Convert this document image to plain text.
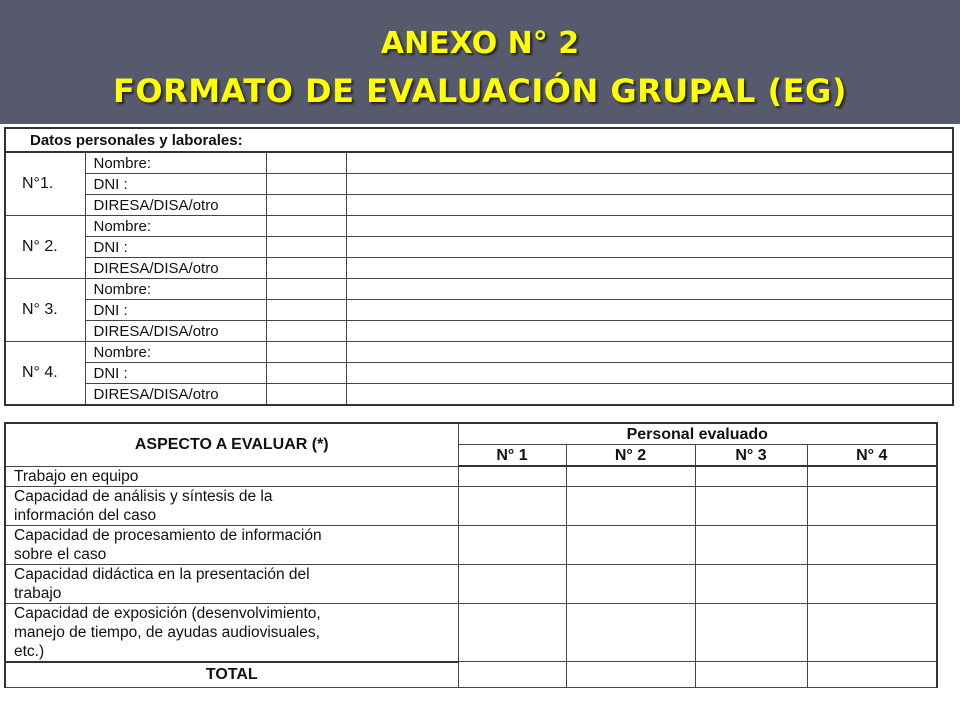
ANEXO N° 2
FORMATO DE EVALUACIÓN GRUPAL (EG)
Datos personales y laborales:			
N°1.	Nombre:		
	DNI :		
	DIRESA/DISA/otro		
N° 2.	Nombre:		
	DNI :		
	DIRESA/DISA/otro		
N° 3.	Nombre:		
	DNI :		
	DIRESA/DISA/otro		
N° 4.	Nombre:		
	DNI :		
	DIRESA/DISA/otro		
ASPECTO A EVALUAR (*)	Personal evaluado			
	N° 1	N° 2	N° 3	N° 4

Trabajo en equipo				

Capacidad de análisis y síntesis de la
información del caso				

Capacidad de procesamiento de información
sobre el caso				

Capacidad didáctica en la presentación del
trabajo				

Capacidad de exposición (desenvolvimiento,
manejo de tiempo, de ayudas audiovisuales,
etc.)				

TOTAL				
